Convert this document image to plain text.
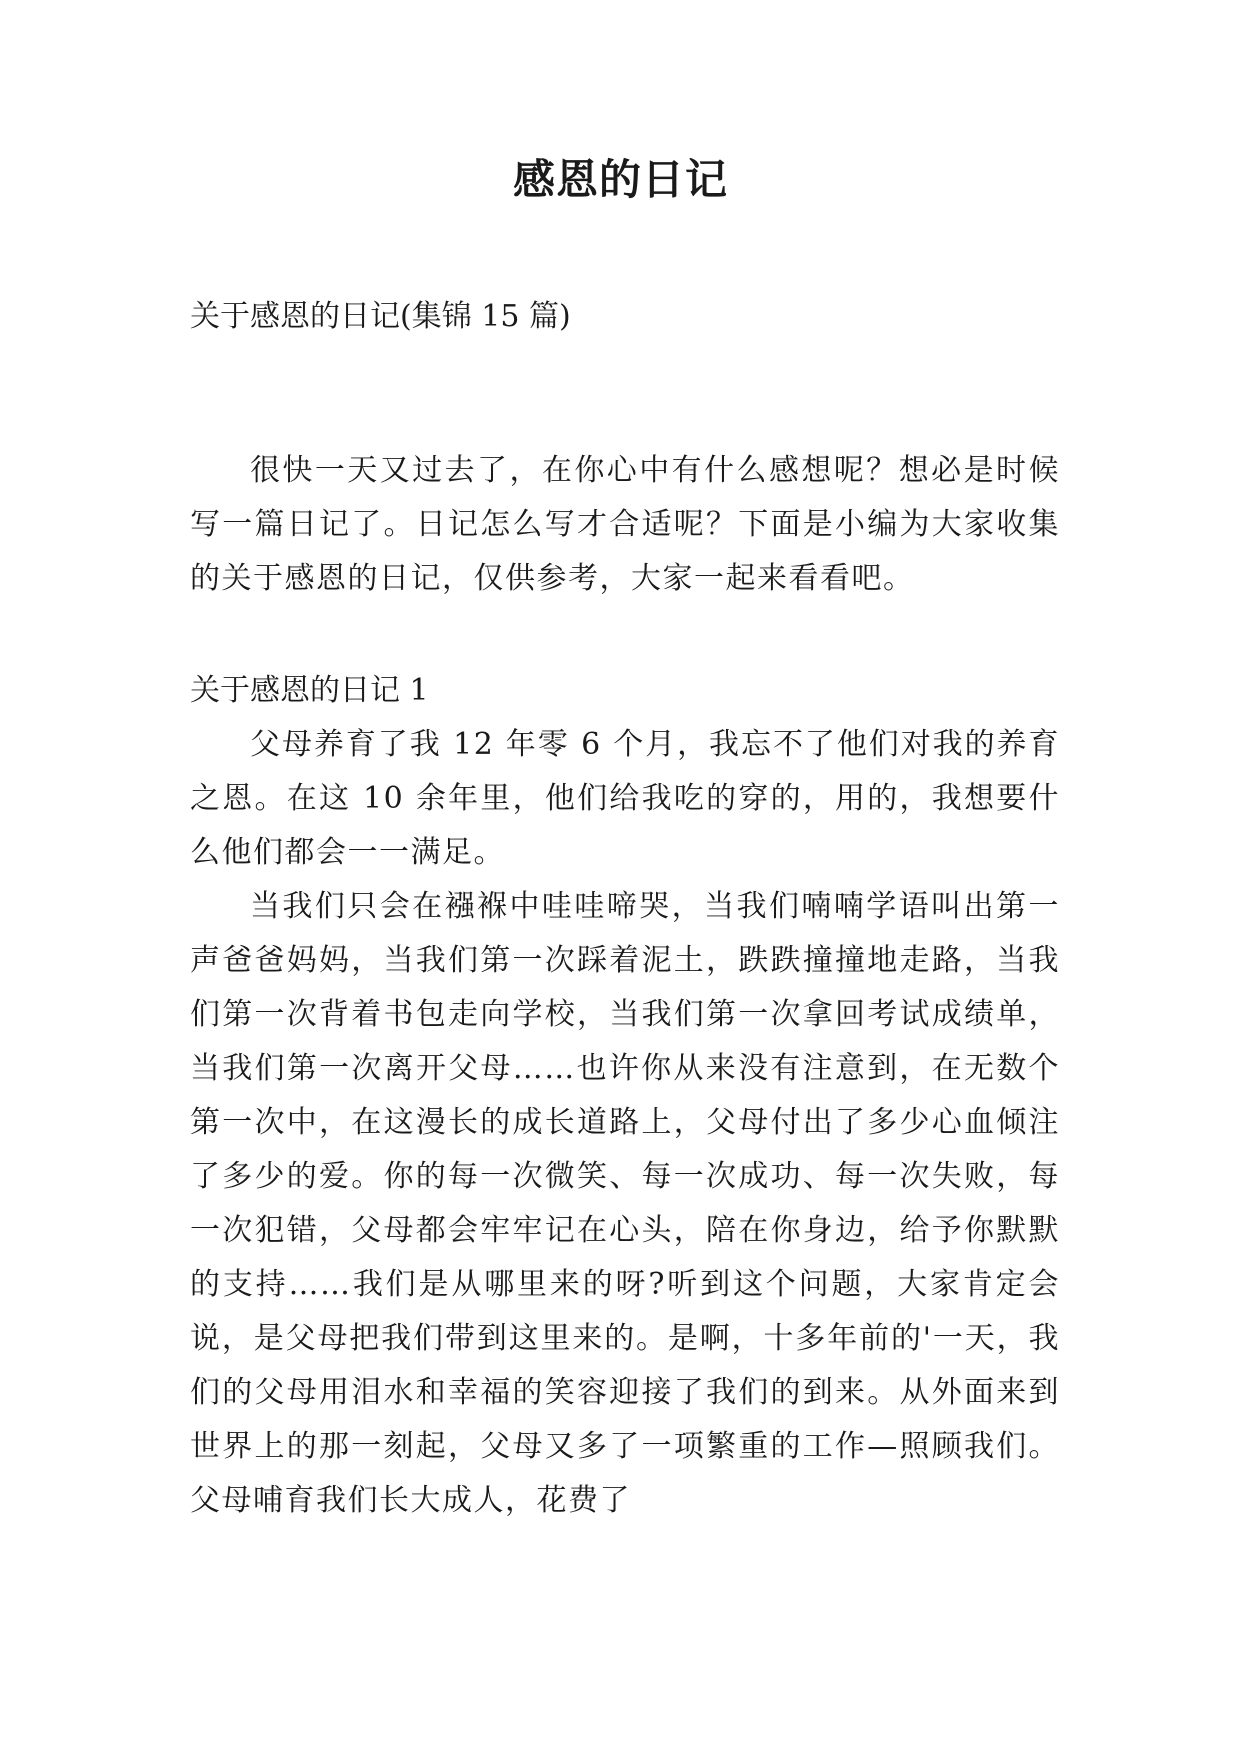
感恩的日记

关于感恩的日记(集锦 15 篇)

很快一天又过去了，在你心中有什么感想呢？想必是时候写一篇日记了。日记怎么写才合适呢？下面是小编为大家收集的关于感恩的日记，仅供参考，大家一起来看看吧。

关于感恩的日记 1

父母养育了我 12 年零 6 个月，我忘不了他们对我的养育之恩。在这 10 余年里，他们给我吃的穿的，用的，我想要什么他们都会一一满足。

当我们只会在襁褓中哇哇啼哭，当我们喃喃学语叫出第一声爸爸妈妈，当我们第一次踩着泥土，跌跌撞撞地走路，当我们第一次背着书包走向学校，当我们第一次拿回考试成绩单，当我们第一次离开父母……也许你从来没有注意到，在无数个第一次中，在这漫长的成长道路上，父母付出了多少心血倾注了多少的爱。你的每一次微笑、每一次成功、每一次失败，每一次犯错，父母都会牢牢记在心头，陪在你身边，给予你默默的支持……我们是从哪里来的呀?听到这个问题，大家肯定会说，是父母把我们带到这里来的。是啊，十多年前的'一天，我们的父母用泪水和幸福的笑容迎接了我们的到来。从外面来到世界上的那一刻起，父母又多了一项繁重的工作—照顾我们。父母哺育我们长大成人，花费了
